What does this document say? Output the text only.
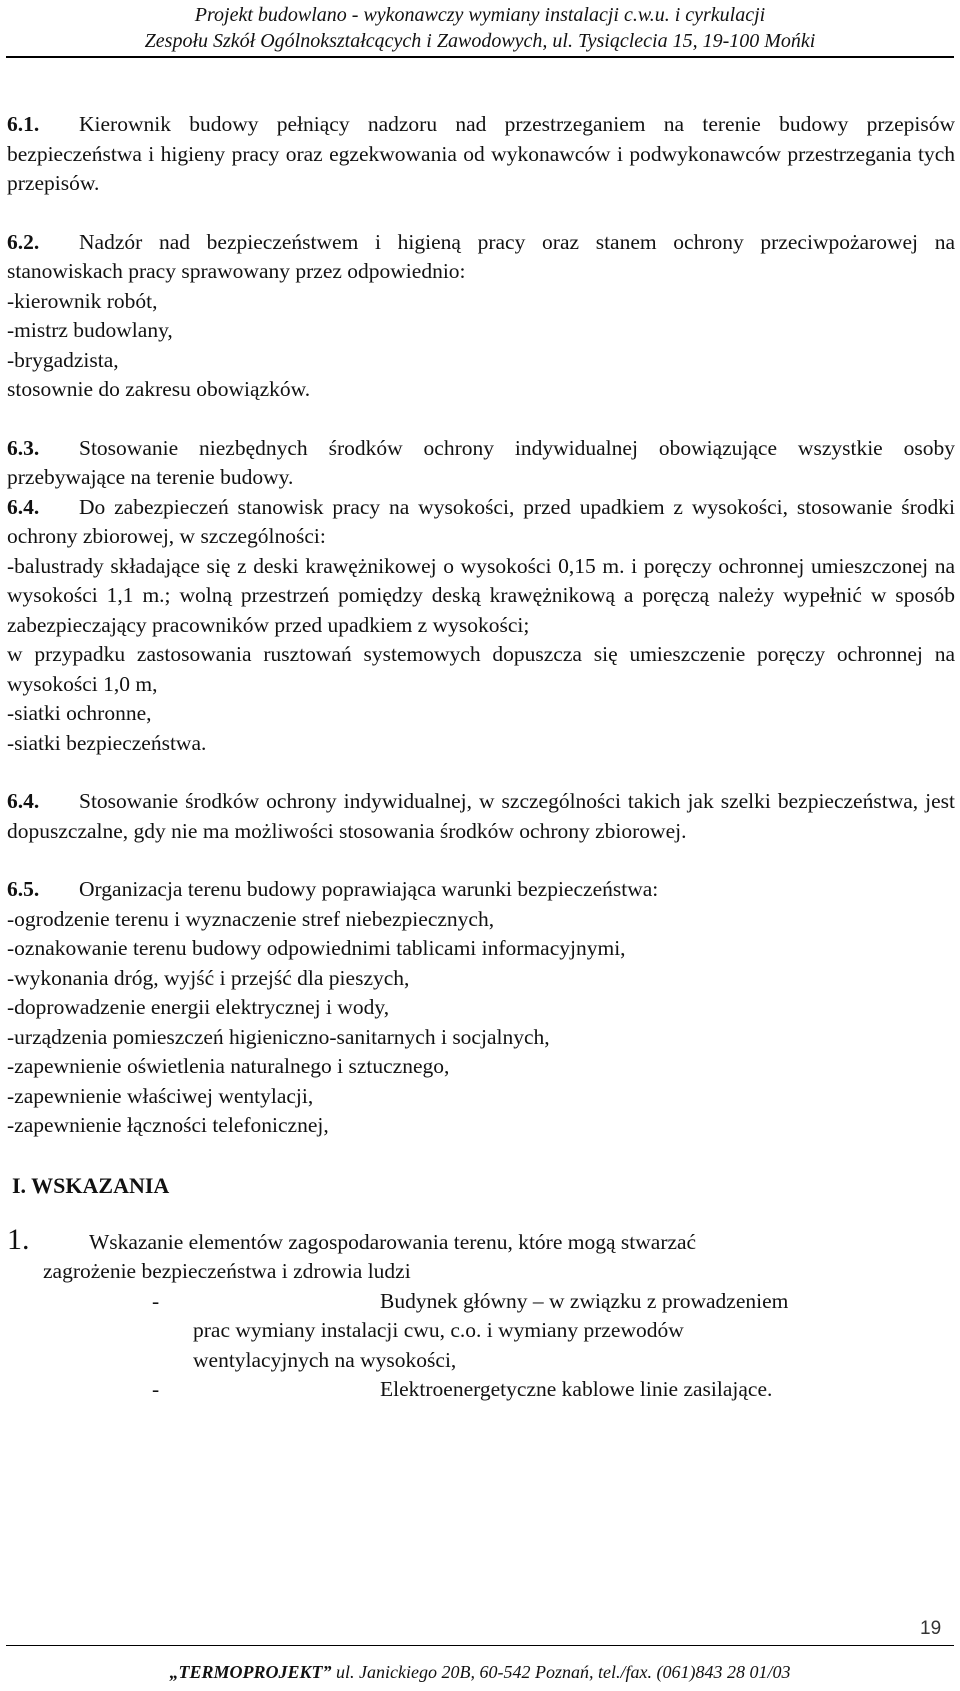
Projekt budowlano - wykonawczy wymiany instalacji c.w.u. i cyrkulacji
Zespołu Szkół Ogólnokształcących i Zawodowych, ul. Tysiąclecia 15, 19-100 Mońki
6.1. Kierownik budowy pełniący nadzoru nad przestrzeganiem na terenie budowy przepisów bezpieczeństwa i higieny pracy oraz egzekwowania od wykonawców i podwykonawców przestrzegania tych przepisów.
6.2. Nadzór nad bezpieczeństwem i higieną pracy oraz stanem ochrony przeciwpożarowej na stanowiskach pracy sprawowany przez odpowiednio:
-kierownik robót,
-mistrz budowlany,
-brygadzista,
stosownie do zakresu obowiązków.
6.3. Stosowanie niezbędnych środków ochrony indywidualnej obowiązujące wszystkie osoby przebywające na terenie budowy.
6.4. Do zabezpieczeń stanowisk pracy na wysokości, przed upadkiem z wysokości, stosowanie środki ochrony zbiorowej, w szczególności:
-balustrady składające się z deski krawężnikowej o wysokości 0,15 m. i poręczy ochronnej umieszczonej na wysokości 1,1 m.; wolną przestrzeń pomiędzy deską krawężnikową a poręczą należy wypełnić w sposób zabezpieczający pracowników przed upadkiem z wysokości;
w przypadku zastosowania rusztowań systemowych dopuszcza się umieszczenie poręczy ochronnej na wysokości 1,0 m,
-siatki ochronne,
-siatki bezpieczeństwa.
6.4. Stosowanie środków ochrony indywidualnej, w szczególności takich jak szelki bezpieczeństwa, jest dopuszczalne, gdy nie ma możliwości stosowania środków ochrony zbiorowej.
6.5. Organizacja terenu budowy poprawiająca warunki bezpieczeństwa:
-ogrodzenie terenu i wyznaczenie stref niebezpiecznych,
-oznakowanie terenu budowy odpowiednimi tablicami informacyjnymi,
-wykonania dróg, wyjść i przejść dla pieszych,
-doprowadzenie energii elektrycznej i wody,
-urządzenia pomieszczeń higieniczno-sanitarnych i socjalnych,
-zapewnienie oświetlenia naturalnego i sztucznego,
-zapewnienie właściwej wentylacji,
-zapewnienie łączności telefonicznej,
I. WSKAZANIA
1.	Wskazanie elementów zagospodarowania terenu, które mogą stwarzać
zagrożenie bezpieczeństwa i zdrowia ludzi
-	Budynek główny – w związku z prowadzeniem
prac wymiany instalacji cwu, c.o. i wymiany przewodów
wentylacyjnych na wysokości,
-	Elektroenergetyczne kablowe linie zasilające.
19
„TERMOPROJEKT” ul. Janickiego 20B, 60-542 Poznań, tel./fax. (061)843 28 01/03
